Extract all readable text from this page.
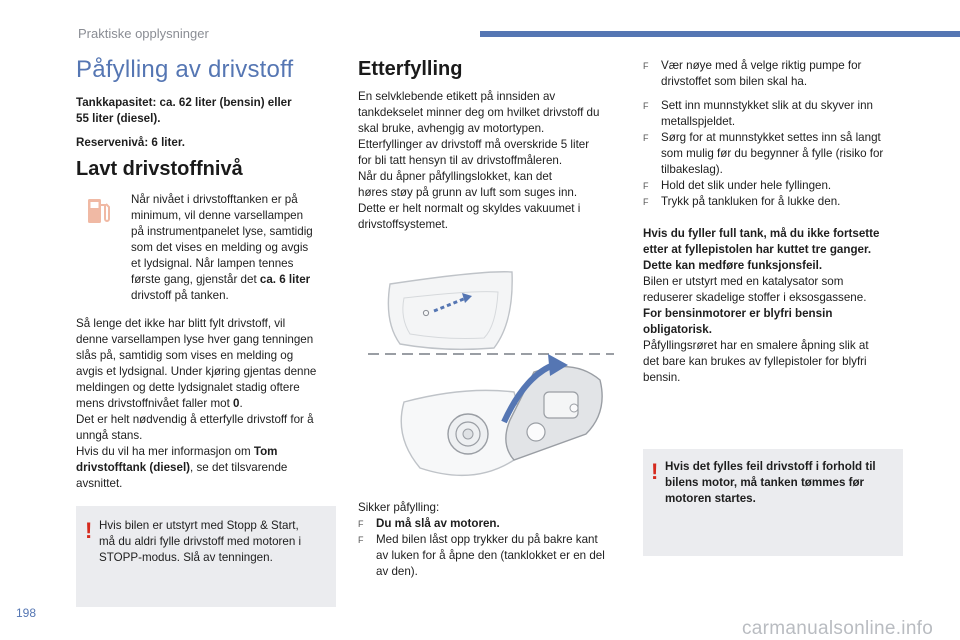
Praktiske opplysninger
Påfylling av drivstoff
Tankkapasitet: ca. 62 liter (bensin) eller
55 liter (diesel).
Reservenivå: 6 liter.
Lavt drivstoffnivå
Når nivået i drivstofftanken er på
minimum, vil denne varsellampen
på instrumentpanelet lyse, samtidig
som det vises en melding og avgis
et lydsignal. Når lampen tennes
første gang, gjenstår det ca. 6 liter
drivstoff på tanken.
Så lenge det ikke har blitt fylt drivstoff, vil
denne varsellampen lyse hver gang tenningen
slås på, samtidig som vises en melding og
avgis et lydsignal. Under kjøring gjentas denne
meldingen og dette lydsignalet stadig oftere
mens drivstoffnivået faller mot 0.
Det er helt nødvendig å etterfylle drivstoff for å
unngå stans.
Hvis du vil ha mer informasjon om Tom
drivstofftank (diesel), se det tilsvarende
avsnittet.
! Hvis bilen er utstyrt med Stopp & Start,
må du aldri fylle drivstoff med motoren i
STOPP-modus. Slå av tenningen.
Etterfylling
En selvklebende etikett på innsiden av
tankdekselet minner deg om hvilket drivstoff du
skal bruke, avhengig av motortypen.
Etterfyllinger av drivstoff må overskride 5 liter
for bli tatt hensyn til av drivstoffmåleren.
Når du åpner påfyllingslokket, kan det
høres støy på grunn av luft som suges inn.
Dette er helt normalt og skyldes vakuumet i
drivstoffsystemet.
Sikker påfylling:
F	Du må slå av motoren.
F	Med bilen låst opp trykker du på bakre kant
av luken for å åpne den (tanklokket er en del
av den).
F	Vær nøye med å velge riktig pumpe for
drivstoffet som bilen skal ha.
F	Sett inn munnstykket slik at du skyver inn
metallspjeldet.
F	Sørg for at munnstykket settes inn så langt
som mulig før du begynner å fylle (risiko for
tilbakeslag).
F	Hold det slik under hele fyllingen.
F	Trykk på tankluken for å lukke den.
Hvis du fyller full tank, må du ikke fortsette
etter at fyllepistolen har kuttet tre ganger.
Dette kan medføre funksjonsfeil.
Bilen er utstyrt med en katalysator som
reduserer skadelige stoffer i eksosgassene.
For bensinmotorer er blyfri bensin
obligatorisk.
Påfyllingsrøret har en smalere åpning slik at
det bare kan brukes av fyllepistoler for blyfri
bensin.
! Hvis det fylles feil drivstoff i forhold til
bilens motor, må tanken tømmes før
motoren startes.
198
carmanualsonline.info
